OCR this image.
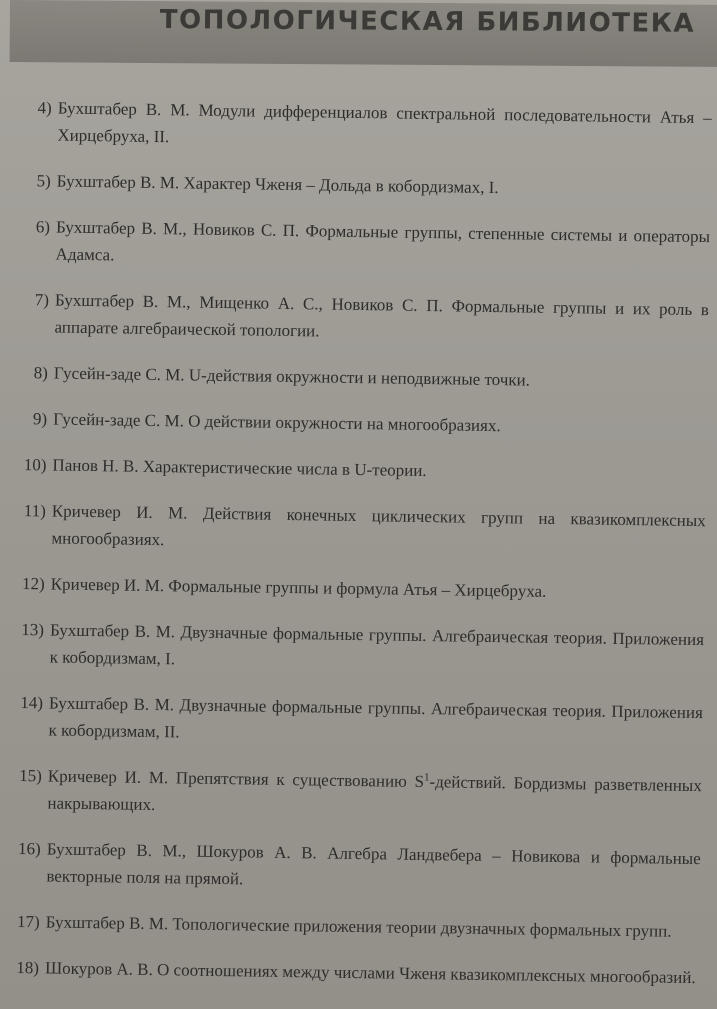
ТОПОЛОГИЧЕСКАЯ БИБЛИОТЕКА
4) Бухштабер В. М. Модули дифференциалов спектральной последовательности Атья – Хирцебруха, II.
5) Бухштабер В. М. Характер Чженя – Дольда в кобордизмах, I.
6) Бухштабер В. М., Новиков С. П. Формальные группы, степенные системы и операторы Адамса.
7) Бухштабер В. М., Мищенко А. С., Новиков С. П. Формальные группы и их роль в аппарате алгебраической топологии.
8) Гусейн-заде С. М. U-действия окружности и неподвижные точки.
9) Гусейн-заде С. М. О действии окружности на многообразиях.
10) Панов Н. В. Характеристические числа в U-теории.
11) Кричевер И. М. Действия конечных циклических групп на квазикомплексных многообразиях.
12) Кричевер И. М. Формальные группы и формула Атья – Хирцебруха.
13) Бухштабер В. М. Двузначные формальные группы. Алгебраическая теория. Приложения к кобордизмам, I.
14) Бухштабер В. М. Двузначные формальные группы. Алгебраическая теория. Приложения к кобордизмам, II.
15) Кричевер И. М. Препятствия к существованию $S^1$-действий. Бордизмы разветвленных накрывающих.
16) Бухштабер В. М., Шокуров А. В. Алгебра Ландвебера – Новикова и формальные векторные поля на прямой.
17) Бухштабер В. М. Топологические приложения теории двузначных формальных групп.
18) Шокуров А. В. О соотношениях между числами Чженя квазикомплексных многообразий.
